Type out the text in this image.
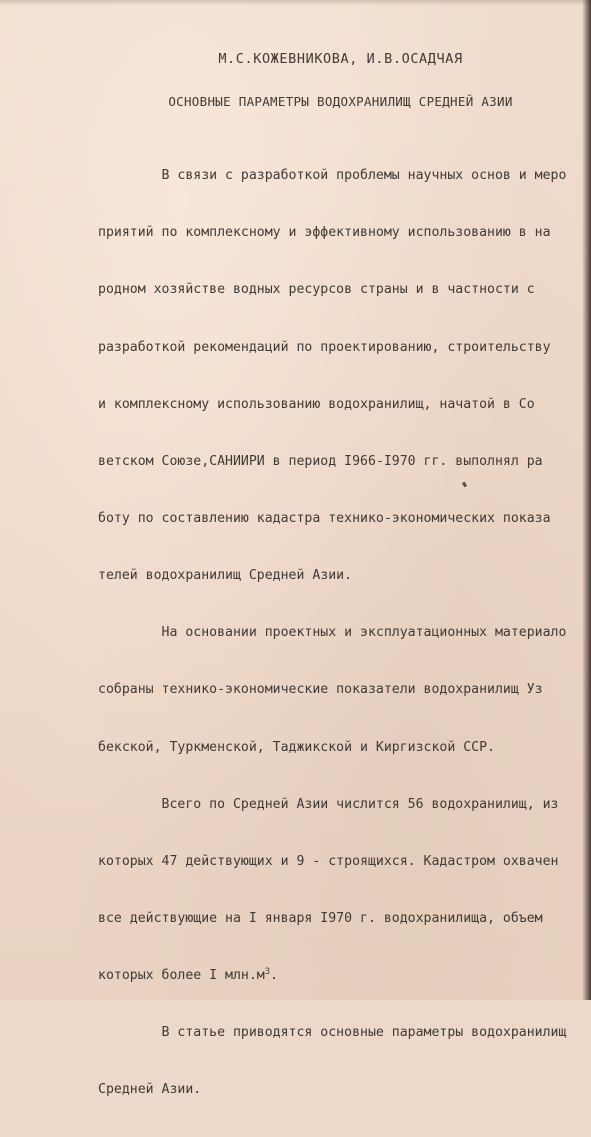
М.С.КОЖЕВНИКОВА, И.В.ОСАДЧАЯ
ОСНОВНЫЕ ПАРАМЕТРЫ ВОДОХРАНИЛИЩ СРЕДНЕЙ АЗИИ

В связи с разработкой проблемы научных основ и меро

приятий по комплексному и эффективному использованию в на

родном хозяйстве водных ресурсов страны и в частности с

разработкой рекомендаций по проектированию, строительству

и комплексному использованию водохранилищ, начатой в Со

ветском Союзе,САНИИРИ в период I966-I970 гг. выполнял ра

боту по составлению кадастра технико-экономических показа

телей водохранилищ Средней Азии.

На основании проектных и эксплуатационных материало

собраны технико-экономические показатели водохранилищ Уз

бекской, Туркменской, Таджикской и Киргизской ССР.

Всего по Средней Азии числится 56 водохранилищ, из

которых 47 действующих и 9 - строящихся. Кадастром охвачен

все действующие на I января I970 г. водохранилища, объем

которых более I $млн.м^3$.

В статье приводятся основные параметры водохранилищ

Средней Азии.
